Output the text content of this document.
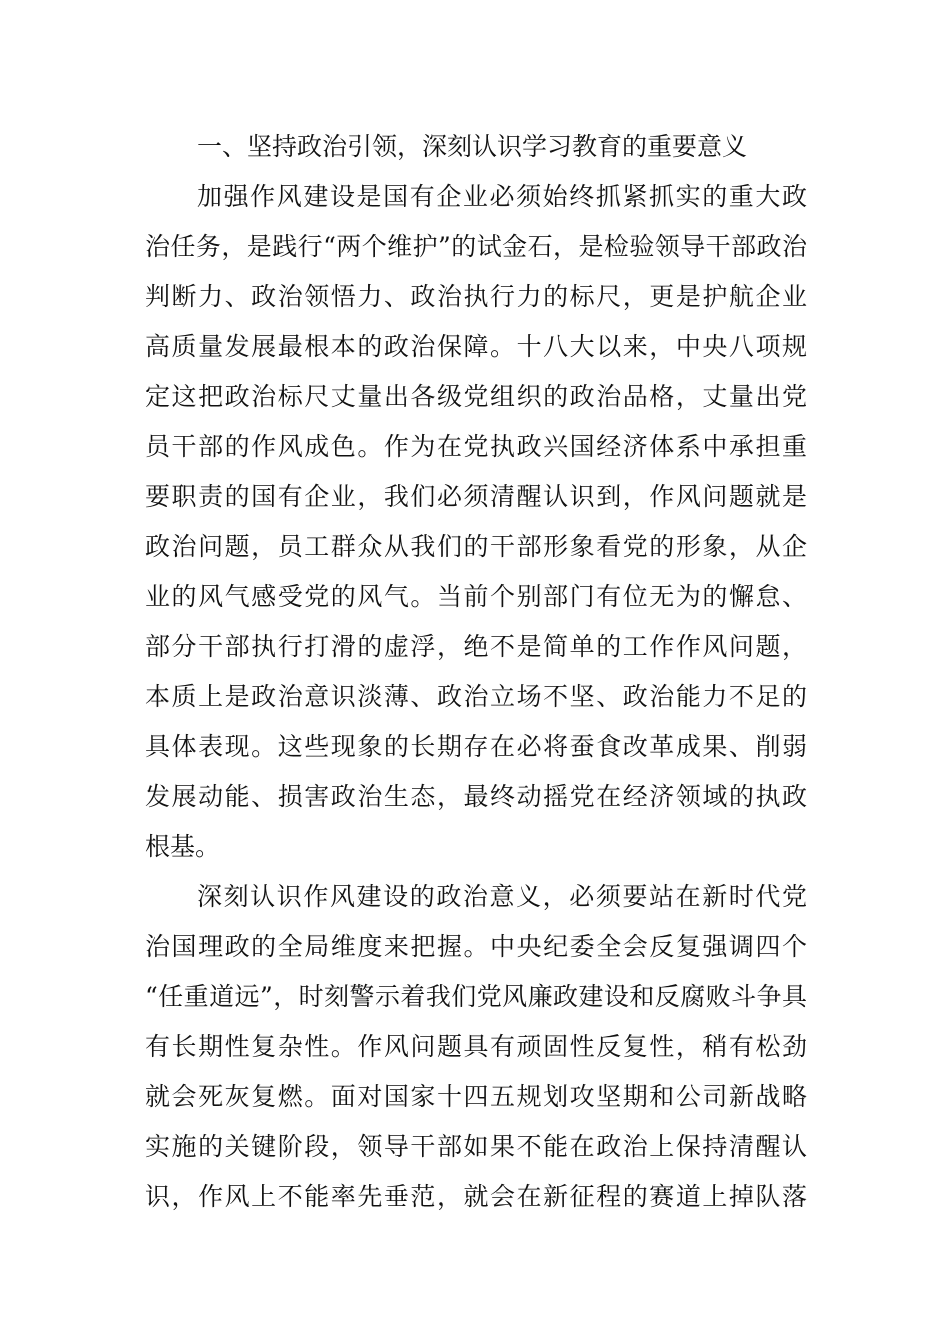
一、坚持政治引领，深刻认识学习教育的重要意义
加强作风建设是国有企业必须始终抓紧抓实的重大政
治任务，是践行“两个维护”的试金石，是检验领导干部政治
判断力、政治领悟力、政治执行力的标尺，更是护航企业
高质量发展最根本的政治保障。十八大以来，中央八项规
定这把政治标尺丈量出各级党组织的政治品格，丈量出党
员干部的作风成色。作为在党执政兴国经济体系中承担重
要职责的国有企业，我们必须清醒认识到，作风问题就是
政治问题，员工群众从我们的干部形象看党的形象，从企
业的风气感受党的风气。当前个别部门有位无为的懈怠、
部分干部执行打滑的虚浮，绝不是简单的工作作风问题，
本质上是政治意识淡薄、政治立场不坚、政治能力不足的
具体表现。这些现象的长期存在必将蚕食改革成果、削弱
发展动能、损害政治生态，最终动摇党在经济领域的执政
根基。
深刻认识作风建设的政治意义，必须要站在新时代党
治国理政的全局维度来把握。中央纪委全会反复强调四个
“任重道远”，时刻警示着我们党风廉政建设和反腐败斗争具
有长期性复杂性。作风问题具有顽固性反复性，稍有松劲
就会死灰复燃。面对国家十四五规划攻坚期和公司新战略
实施的关键阶段，领导干部如果不能在政治上保持清醒认
识，作风上不能率先垂范，就会在新征程的赛道上掉队落
